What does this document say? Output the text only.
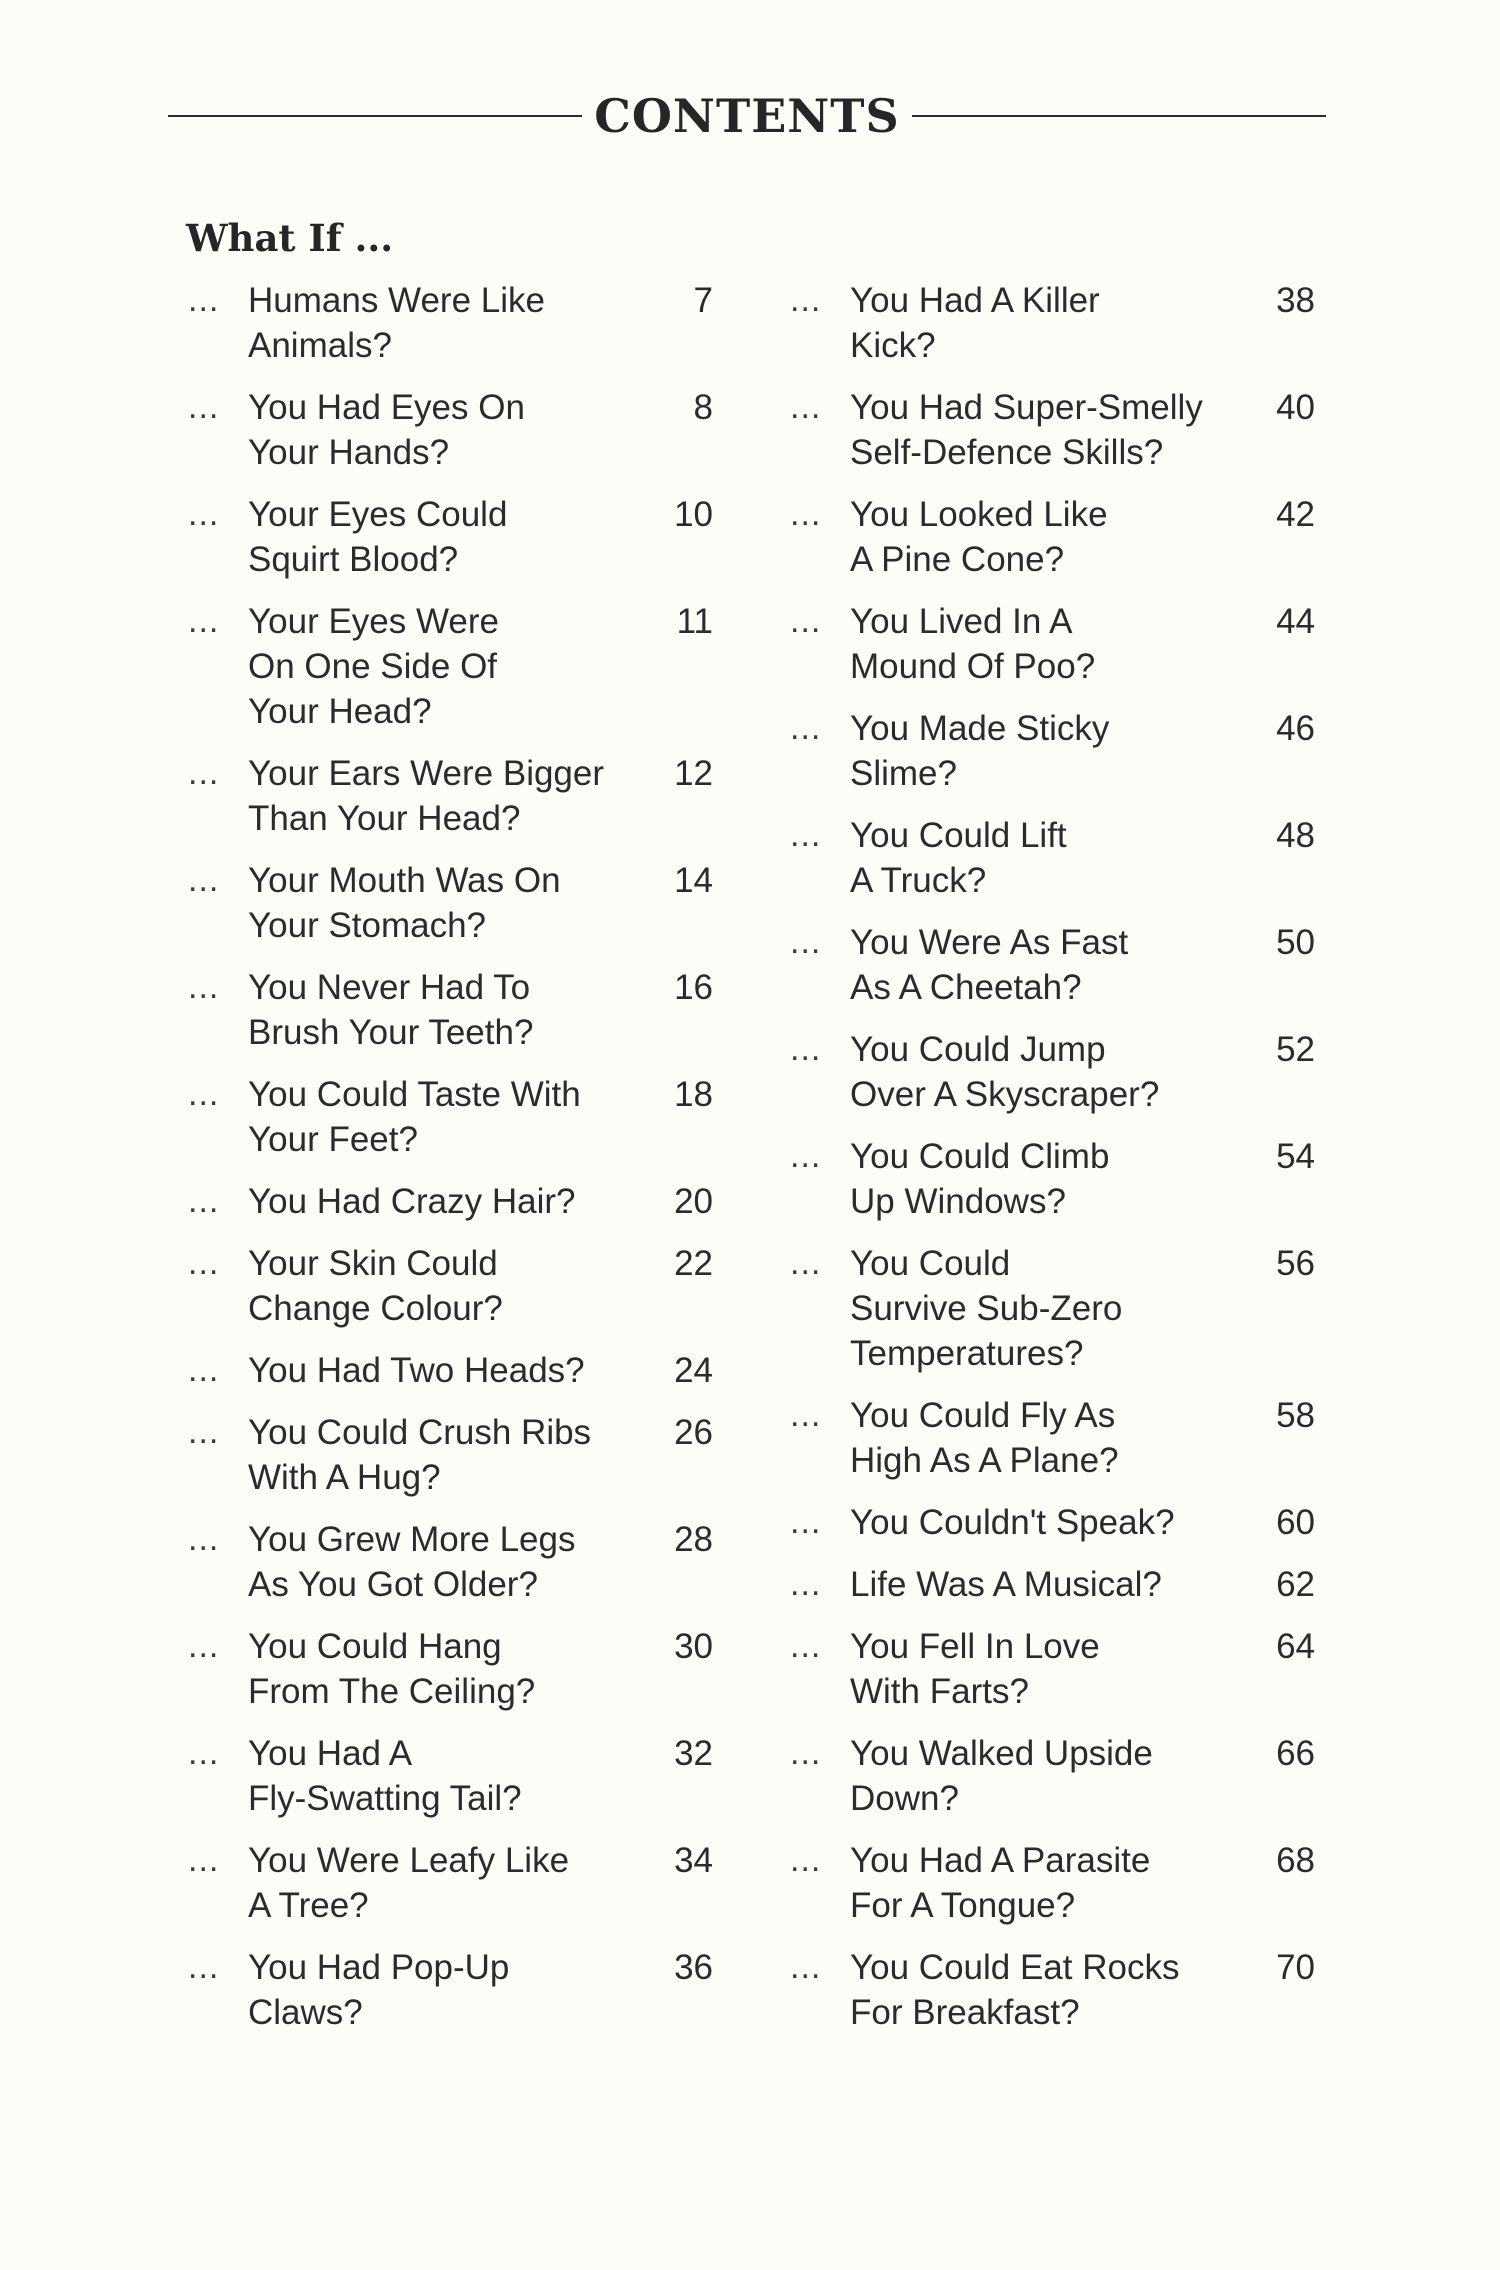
CONTENTS
What If ...
... Humans Were Like
Animals?
7
... You Had Eyes On
Your Hands?
8
... Your Eyes Could
Squirt Blood?
10
... Your Eyes Were
On One Side Of
Your Head?
11
... Your Ears Were Bigger
Than Your Head?
12
... Your Mouth Was On
Your Stomach?
14
... You Never Had To
Brush Your Teeth?
16
... You Could Taste With
Your Feet?
18
... You Had Crazy Hair?	20
... Your Skin Could
Change Colour?
22
... You Had Two Heads?	24
... You Could Crush Ribs
With A Hug?
26
... You Grew More Legs
As You Got Older?
28
... You Could Hang
From The Ceiling?
30
... You Had A
Fly-Swatting Tail?
32
... You Were Leafy Like
A Tree?
34
... You Had Pop-Up
Claws?
36
... You Had A Killer
Kick?
38
... You Had Super-Smelly
Self-Defence Skills?
40
... You Looked Like
A Pine Cone?
42
... You Lived In A
Mound Of Poo?
44
... You Made Sticky
Slime?
46
... You Could Lift
A Truck?
48
... You Were As Fast
As A Cheetah?
50
... You Could Jump
Over A Skyscraper?
52
... You Could Climb
Up Windows?
54
... You Could
Survive Sub-Zero
Temperatures?
56
... You Could Fly As
High As A Plane?
58
... You Couldn't Speak?	60
... Life Was A Musical?	62
... You Fell In Love
With Farts?
64
... You Walked Upside
Down?
66
... You Had A Parasite
For A Tongue?
68
... You Could Eat Rocks
For Breakfast?
70
